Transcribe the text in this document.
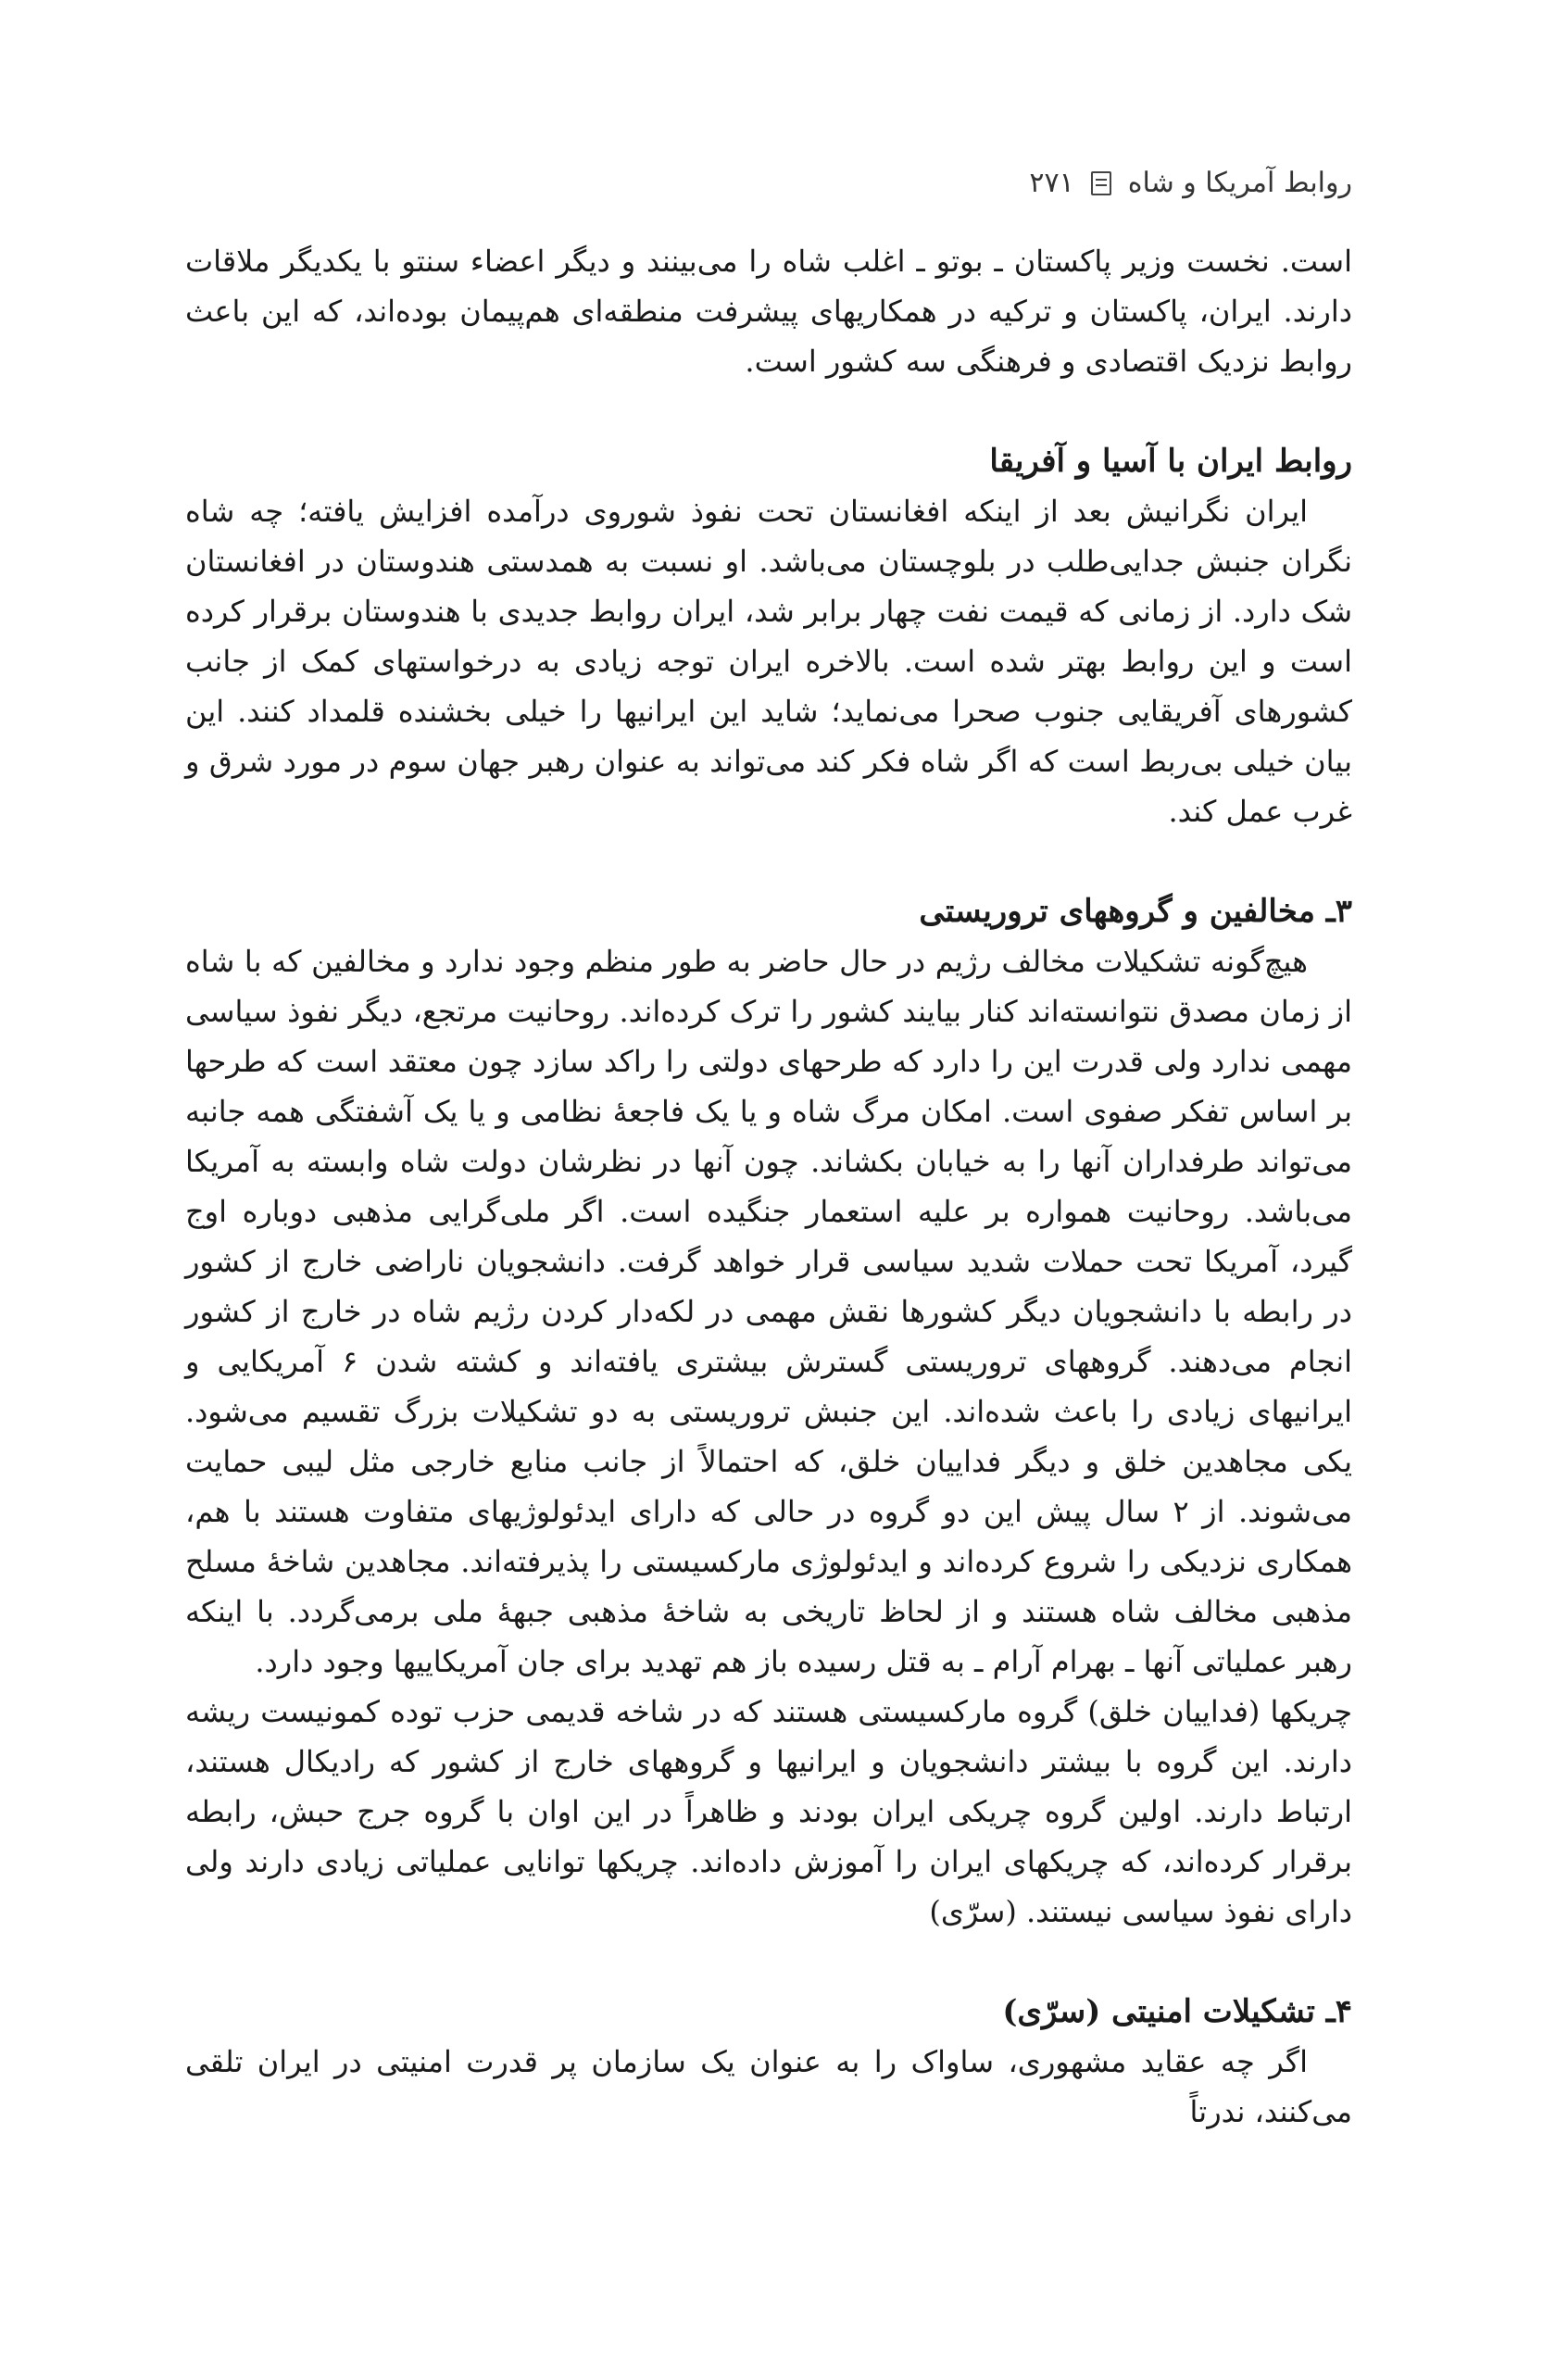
روابط آمریکا و شاه
۲۷۱

است. نخست وزیر پاکستان ـ بوتو ـ اغلب شاه را می‌بینند و دیگر اعضاء سنتو با یکدیگر ملاقات دارند. ایران، پاکستان و ترکیه در همکاریهای پیشرفت منطقه‌ای هم‌پیمان بوده‌اند، که این باعث روابط نزدیک اقتصادی و فرهنگی سه کشور است.

روابط ایران با آسیا و آفریقا

ایران نگرانیش بعد از اینکه افغانستان تحت نفوذ شوروی درآمده افزایش یافته؛ چه شاه نگران جنبش جدایی‌طلب در بلوچستان می‌باشد. او نسبت به همدستی هندوستان در افغانستان شک دارد. از زمانی که قیمت نفت چهار برابر شد، ایران روابط جدیدی با هندوستان برقرار کرده است و این روابط بهتر شده است. بالاخره ایران توجه زیادی به درخواستهای کمک از جانب کشورهای آفریقایی جنوب صحرا می‌نماید؛ شاید این ایرانیها را خیلی بخشنده قلمداد کنند. این بیان خیلی بی‌ربط است که اگر شاه فکر کند می‌تواند به عنوان رهبر جهان سوم در مورد شرق و غرب عمل کند.

۳ـ مخالفین و گروههای تروریستی

هیچ‌گونه تشکیلات مخالف رژیم در حال حاضر به طور منظم وجود ندارد و مخالفین که با شاه از زمان مصدق نتوانسته‌اند کنار بیایند کشور را ترک کرده‌اند. روحانیت مرتجع، دیگر نفوذ سیاسی مهمی ندارد ولی قدرت این را دارد که طرحهای دولتی را راکد سازد چون معتقد است که طرحها بر اساس تفکر صفوی است. امکان مرگ شاه و یا یک فاجعهٔ نظامی و یا یک آشفتگی همه جانبه می‌تواند طرفداران آنها را به خیابان بکشاند. چون آنها در نظرشان دولت شاه وابسته به آمریکا می‌باشد. روحانیت همواره بر علیه استعمار جنگیده است. اگر ملی‌گرایی مذهبی دوباره اوج گیرد، آمریکا تحت حملات شدید سیاسی قرار خواهد گرفت. دانشجویان ناراضی خارج از کشور در رابطه با دانشجویان دیگر کشورها نقش مهمی در لکه‌دار کردن رژیم شاه در خارج از کشور انجام می‌دهند. گروههای تروریستی گسترش بیشتری یافته‌اند و کشته شدن ۶ آمریکایی و ایرانیهای زیادی را باعث شده‌اند. این جنبش تروریستی به دو تشکیلات بزرگ تقسیم می‌شود. یکی مجاهدین خلق و دیگر فداییان خلق، که احتمالاً از جانب منابع خارجی مثل لیبی حمایت می‌شوند. از ۲ سال پیش این دو گروه در حالی که دارای ایدئولوژیهای متفاوت هستند با هم، همکاری نزدیکی را شروع کرده‌اند و ایدئولوژی مارکسیستی را پذیرفته‌اند. مجاهدین شاخهٔ مسلح مذهبی مخالف شاه هستند و از لحاظ تاریخی به شاخهٔ مذهبی جبههٔ ملی برمی‌گردد. با اینکه رهبر عملیاتی آنها ـ بهرام آرام ـ به قتل رسیده باز هم تهدید برای جان آمریکاییها وجود دارد.

چریکها (فداییان خلق) گروه مارکسیستی هستند که در شاخه قدیمی حزب توده کمونیست ریشه دارند. این گروه با بیشتر دانشجویان و ایرانیها و گروههای خارج از کشور که رادیکال هستند، ارتباط دارند. اولین گروه چریکی ایران بودند و ظاهراً در این اوان با گروه جرج حبش، رابطه برقرار کرده‌اند، که چریکهای ایران را آموزش داده‌اند. چریکها توانایی عملیاتی زیادی دارند ولی دارای نفوذ سیاسی نیستند. (سرّی)

۴ـ تشکیلات امنیتی (سرّی)

اگر چه عقاید مشهوری، ساواک را به عنوان یک سازمان پر قدرت امنیتی در ایران تلقی می‌کنند، ندرتاً
